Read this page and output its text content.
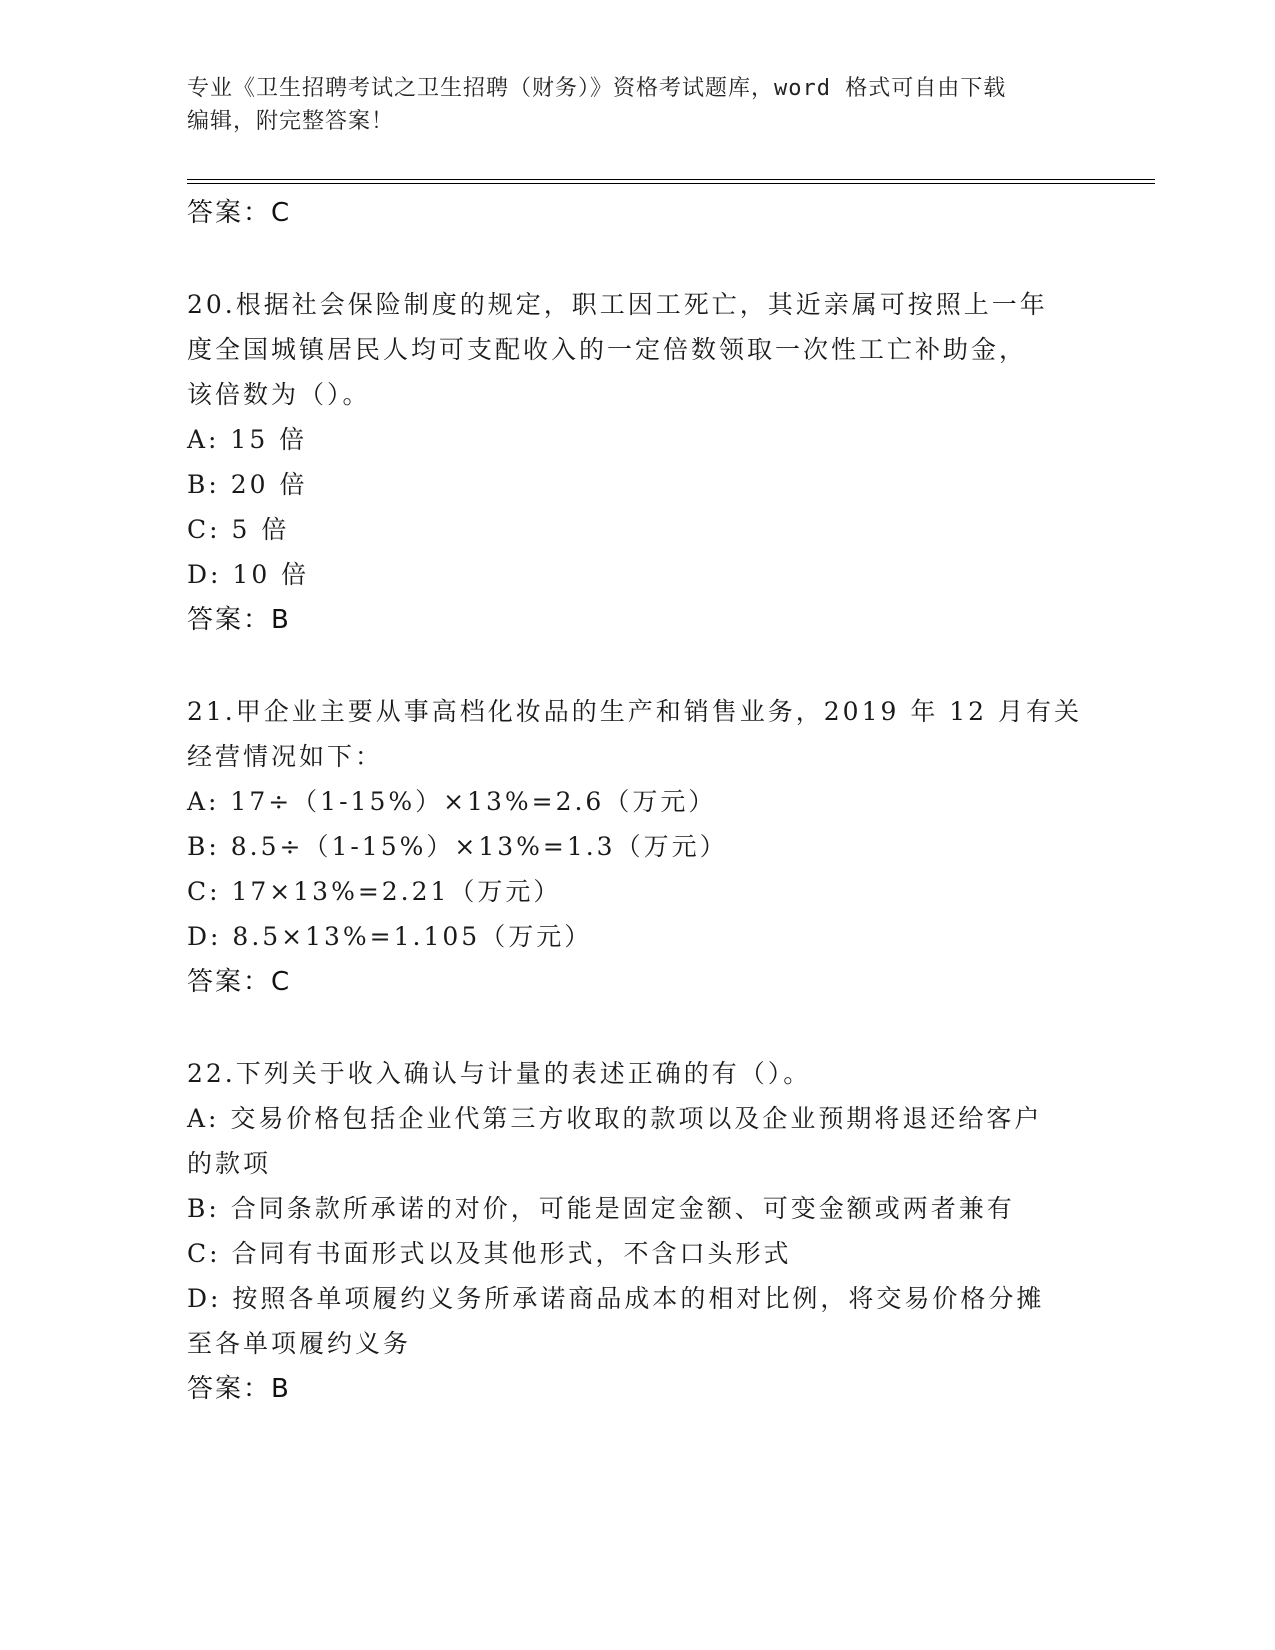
专业《卫生招聘考试之卫生招聘（财务）》资格考试题库，word 格式可自由下载
编辑，附完整答案！
答案：C
20.根据社会保险制度的规定，职工因工死亡，其近亲属可按照上一年
度全国城镇居民人均可支配收入的一定倍数领取一次性工亡补助金，
该倍数为（）。
A: 15 倍
B: 20 倍
C: 5 倍
D: 10 倍
答案：B
21.甲企业主要从事高档化妆品的生产和销售业务，2019 年 12 月有关
经营情况如下：
A: 17÷（1-15%）×13%=2.6（万元）
B: 8.5÷（1-15%）×13%=1.3（万元）
C: 17×13%=2.21（万元）
D: 8.5×13%=1.105（万元）
答案：C
22.下列关于收入确认与计量的表述正确的有（）。
A: 交易价格包括企业代第三方收取的款项以及企业预期将退还给客户
的款项
B: 合同条款所承诺的对价，可能是固定金额、可变金额或两者兼有
C: 合同有书面形式以及其他形式，不含口头形式
D: 按照各单项履约义务所承诺商品成本的相对比例，将交易价格分摊
至各单项履约义务
答案：B
